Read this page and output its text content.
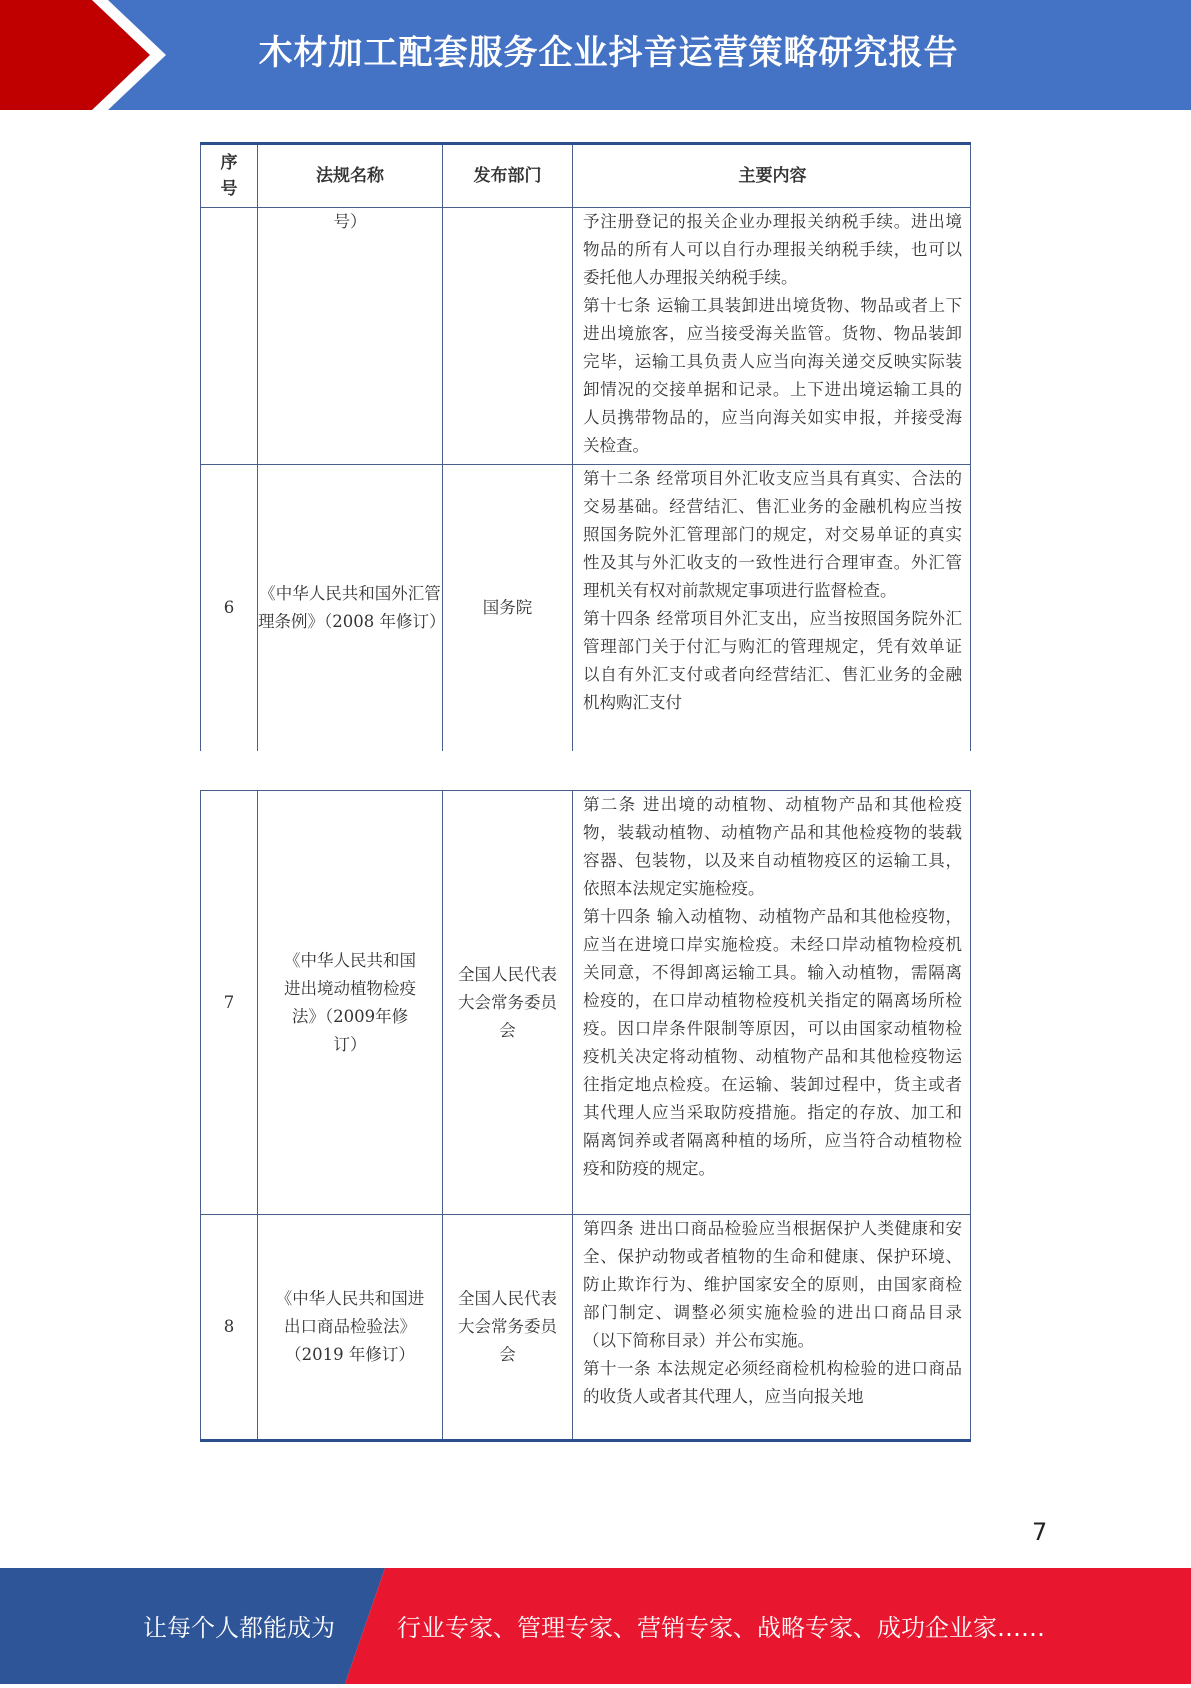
木材加工配套服务企业抖音运营策略研究报告
序号	法规名称	发布部门	主要内容
	号）		予注册登记的报关企业办理报关纳税手续。进出境物品的所有人可以自行办理报关纳税手续，也可以委托他人办理报关纳税手续。

第十七条 运输工具装卸进出境货物、物品或者上下进出境旅客，应当接受海关监管。货物、物品装卸完毕，运输工具负责人应当向海关递交反映实际装卸情况的交接单据和记录。上下进出境运输工具的人员携带物品的，应当向海关如实申报，并接受海关检查。

6	《中华人民共和国外汇管理条例》（2008 年修订）	国务院	第十二条 经常项目外汇收支应当具有真实、合法的交易基础。经营结汇、售汇业务的金融机构应当按照国务院外汇管理部门的规定，对交易单证的真实性及其与外汇收支的一致性进行合理审查。外汇管理机关有权对前款规定事项进行监督检查。

第十四条 经常项目外汇支出，应当按照国务院外汇管理部门关于付汇与购汇的管理规定，凭有效单证以自有外汇支付或者向经营结汇、售汇业务的金融机构购汇支付

7	《中华人民共和国进出境动植物检疫法》（2009年修订）	全国人民代表大会常务委员会	第二条 进出境的动植物、动植物产品和其他检疫物，装载动植物、动植物产品和其他检疫物的装载容器、包装物，以及来自动植物疫区的运输工具，依照本法规定实施检疫。

第十四条 输入动植物、动植物产品和其他检疫物，应当在进境口岸实施检疫。未经口岸动植物检疫机关同意，不得卸离运输工具。输入动植物，需隔离检疫的，在口岸动植物检疫机关指定的隔离场所检疫。因口岸条件限制等原因，可以由国家动植物检疫机关决定将动植物、动植物产品和其他检疫物运往指定地点检疫。在运输、装卸过程中，货主或者其代理人应当采取防疫措施。指定的存放、加工和隔离饲养或者隔离种植的场所，应当符合动植物检疫和防疫的规定。

8	《中华人民共和国进出口商品检验法》（2019 年修订）	全国人民代表大会常务委员会	第四条 进出口商品检验应当根据保护人类健康和安全、保护动物或者植物的生命和健康、保护环境、防止欺诈行为、维护国家安全的原则，由国家商检部门制定、调整必须实施检验的进出口商品目录（以下简称目录）并公布实施。

第十一条 本法规定必须经商检机构检验的进口商品的收货人或者其代理人，应当向报关地

7
让每个人都能成为	行业专家、管理专家、营销专家、战略专家、成功企业家……
